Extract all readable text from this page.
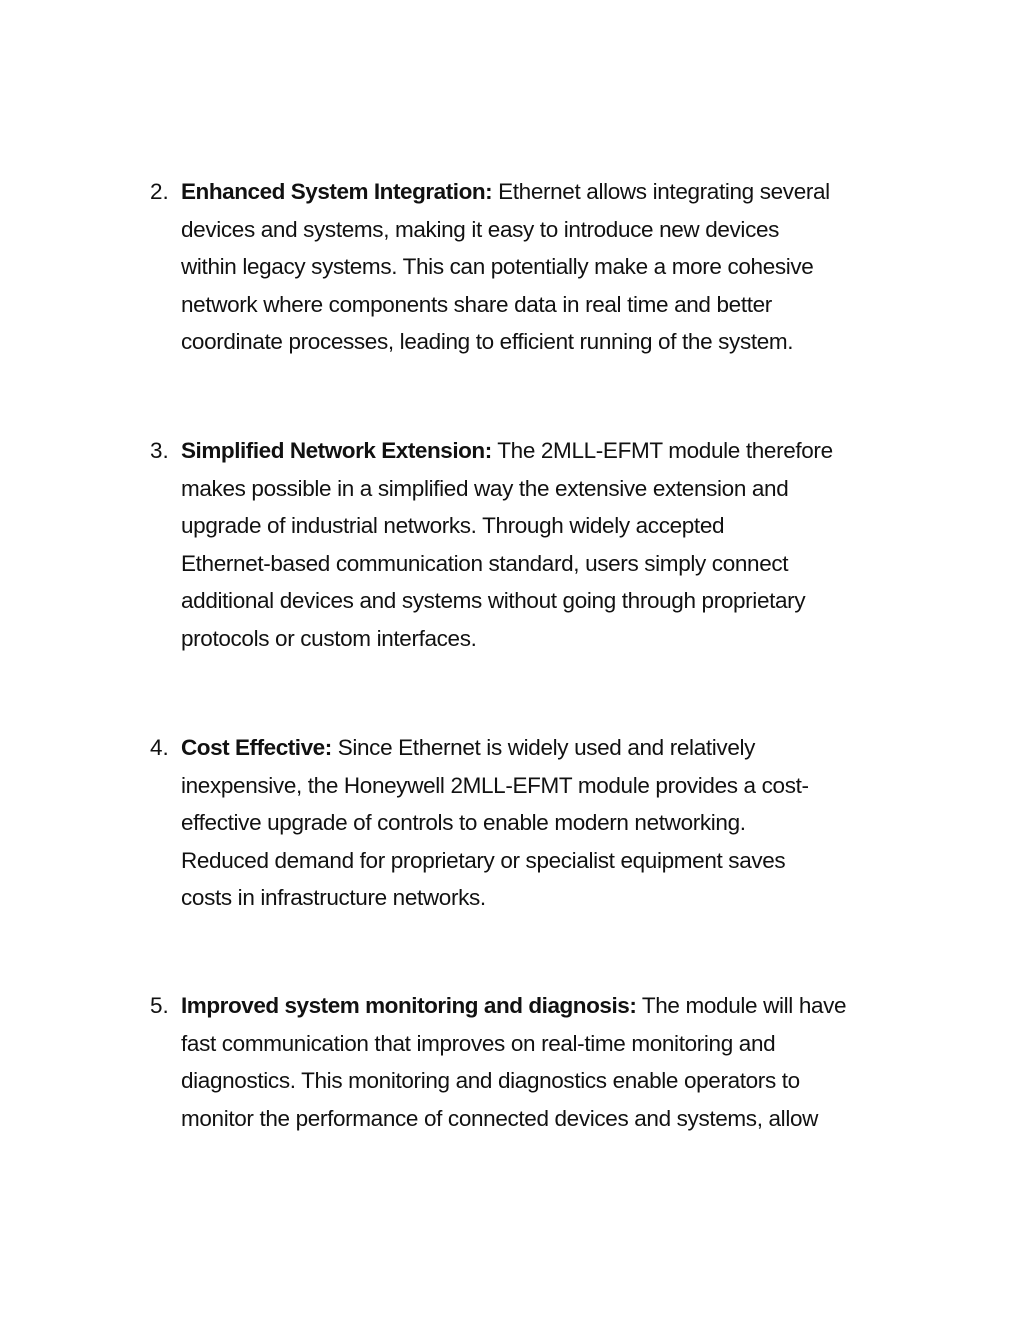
2. Enhanced System Integration: Ethernet allows integrating several
devices and systems, making it easy to introduce new devices
within legacy systems. This can potentially make a more cohesive
network where components share data in real time and better
coordinate processes, leading to efficient running of the system.
3. Simplified Network Extension: The 2MLL-EFMT module therefore
makes possible in a simplified way the extensive extension and
upgrade of industrial networks. Through widely accepted
Ethernet-based communication standard, users simply connect
additional devices and systems without going through proprietary
protocols or custom interfaces.
4. Cost Effective: Since Ethernet is widely used and relatively
inexpensive, the Honeywell 2MLL-EFMT module provides a cost-
effective upgrade of controls to enable modern networking.
Reduced demand for proprietary or specialist equipment saves
costs in infrastructure networks.
5. Improved system monitoring and diagnosis: The module will have
fast communication that improves on real-time monitoring and
diagnostics. This monitoring and diagnostics enable operators to
monitor the performance of connected devices and systems, allow
